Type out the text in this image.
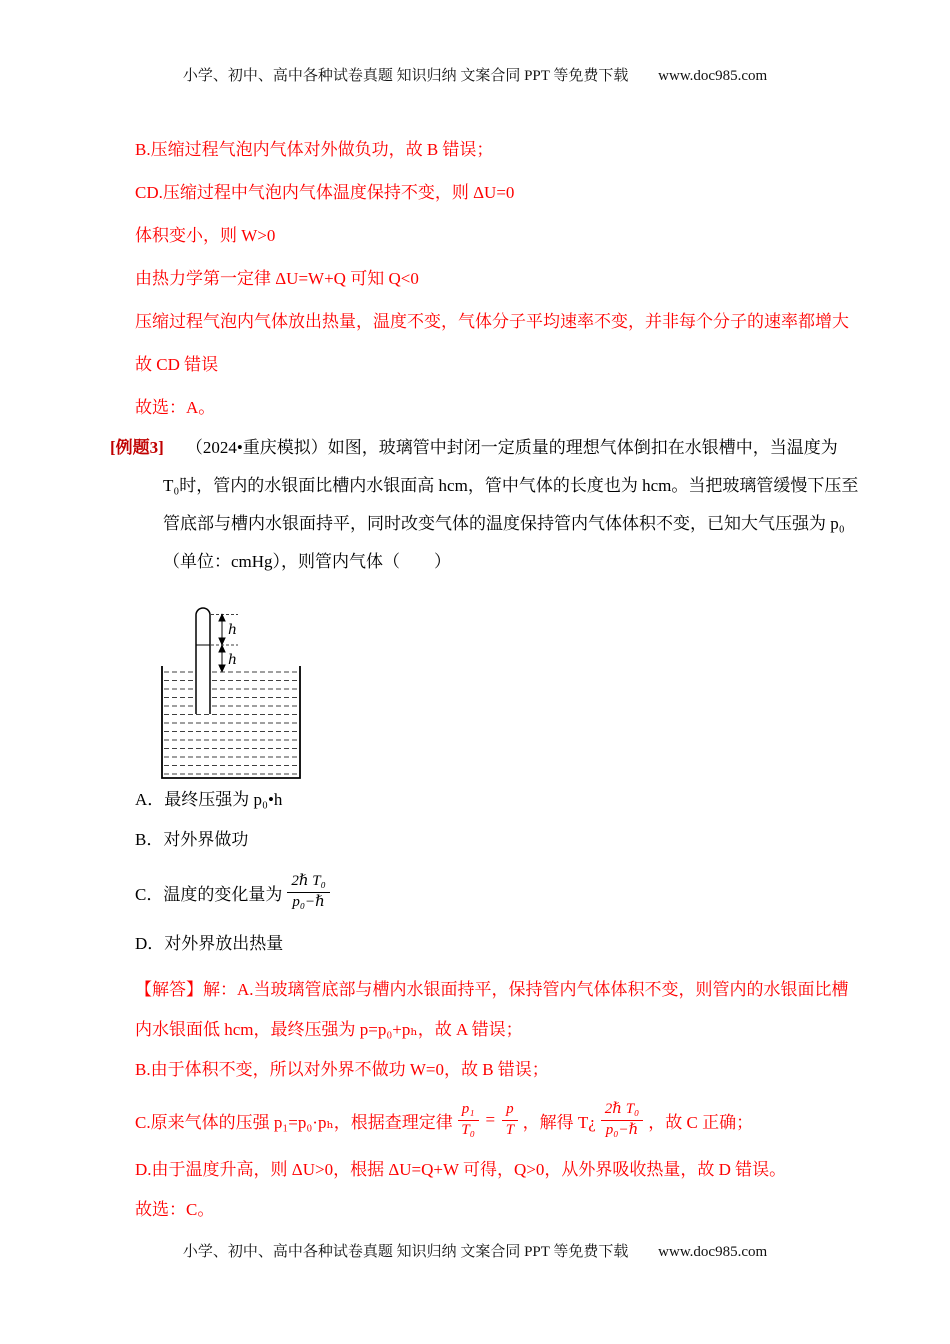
小学、初中、高中各种试卷真题 知识归纳 文案合同 PPT 等免费下载 www.doc985.com
B.压缩过程气泡内气体对外做负功，故 B 错误；
CD.压缩过程中气泡内气体温度保持不变，则 ΔU=0
体积变小，则 W>0
由热力学第一定律 ΔU=W+Q 可知 Q<0
压缩过程气泡内气体放出热量，温度不变，气体分子平均速率不变，并非每个分子的速率都增大
故 CD 错误
故选：A。
[例题3] （2024•重庆模拟）如图，玻璃管中封闭一定质量的理想气体倒扣在水银槽中，当温度为
T₀时，管内的水银面比槽内水银面高 hcm，管中气体的长度也为 hcm。当把玻璃管缓慢下压至
管底部与槽内水银面持平，同时改变气体的温度保持管内气体体积不变，已知大气压强为 p₀
（单位：cmHg），则管内气体（　　）
h
h
A．最终压强为 p₀•h
B．对外界做功
C．温度的变化量为 $\frac{\text{2ℏ T₀}}{\text{p₀−ℏ}}$
D．对外界放出热量
【解答】解：A.当玻璃管底部与槽内水银面持平，保持管内气体体积不变，则管内的水银面比槽
内水银面低 hcm，最终压强为 p=p₀+pₕ，故 A 错误；
B.由于体积不变，所以对外界不做功 W=0，故 B 错误；
C.原来气体的压强 p₁=p₀·pₕ，根据查理定律 $\frac{\text{p₁}}{\text{T₀}} = \frac{p}{T}$ ，解得 T¿ $\frac{\text{2ℏ T₀}}{\text{p₀−ℏ}}$ ，故 C 正确；
D.由于温度升高，则 ΔU>0，根据 ΔU=Q+W 可得，Q>0，从外界吸收热量，故 D 错误。
故选：C。
小学、初中、高中各种试卷真题 知识归纳 文案合同 PPT 等免费下载 www.doc985.com
